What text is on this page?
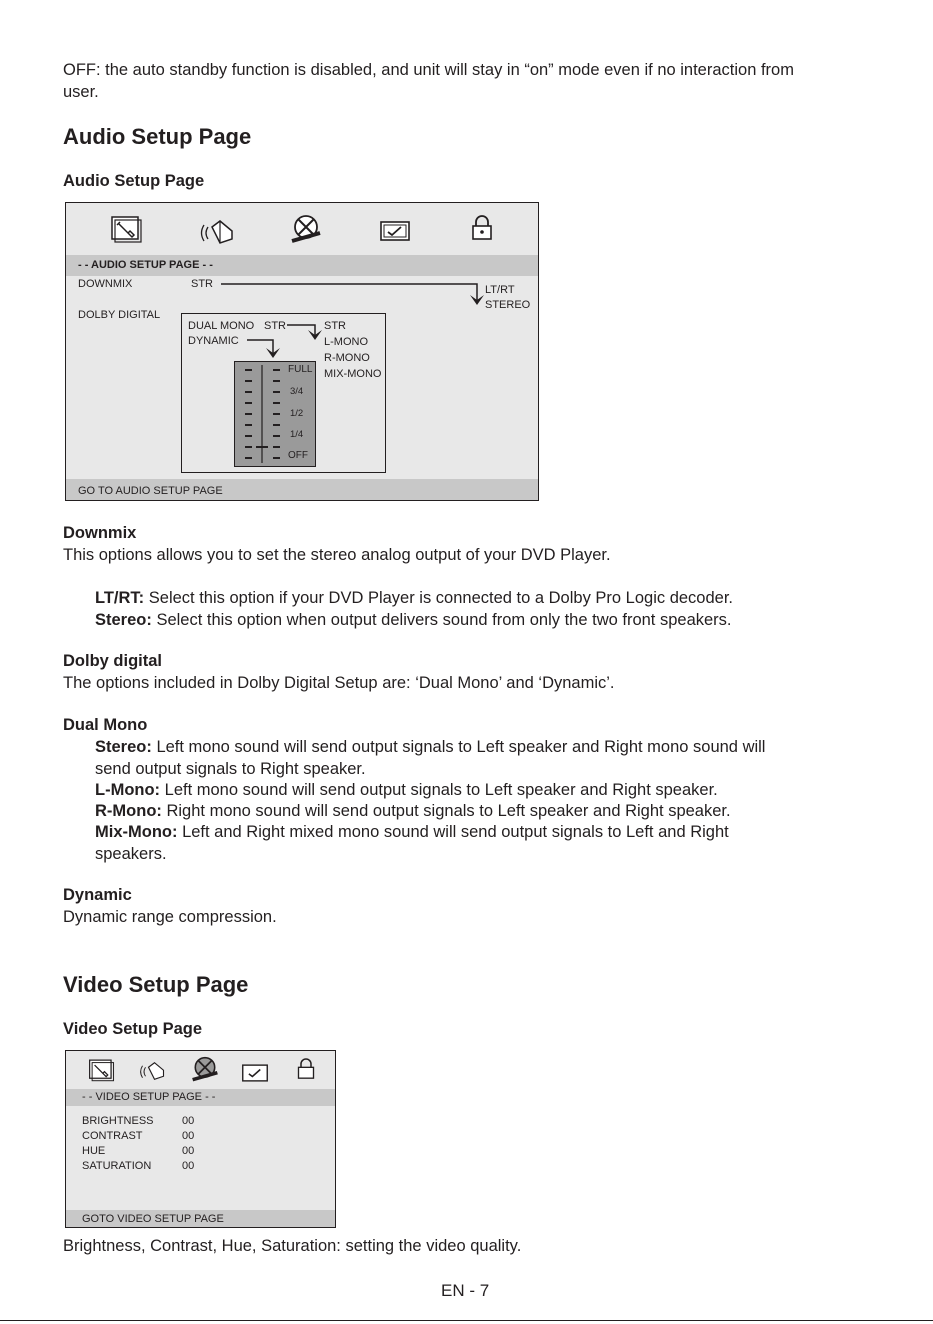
OFF: the auto standby function is disabled, and unit will stay in “on” mode even if no interaction from
user.
Audio Setup Page
Audio Setup Page
- - AUDIO SETUP PAGE - -
DOWNMIX	STR	LT/RT
STEREO
DOLBY DIGITAL
DUAL MONO STR
DYNAMIC
STR
L-MONO
R-MONO
MIX-MONO
FULL
3/4
1/2
1/4
OFF
GO TO AUDIO SETUP PAGE
Downmix
This options allows you to set the stereo analog output of your DVD Player.
LT/RT: Select this option if your DVD Player is connected to a Dolby Pro Logic decoder.
Stereo: Select this option when output delivers sound from only the two front speakers.
Dolby digital
The options included in Dolby Digital Setup are: ‘Dual Mono’ and ‘Dynamic’.
Dual Mono
Stereo: Left mono sound will send output signals to Left speaker and Right mono sound will
send output signals to Right speaker.
L-Mono: Left mono sound will send output signals to Left speaker and Right speaker.
R-Mono: Right mono sound will send output signals to Left speaker and Right speaker.
Mix-Mono: Left and Right mixed mono sound will send output signals to Left and Right
speakers.
Dynamic
Dynamic range compression.
Video Setup Page
Video Setup Page
- - VIDEO SETUP PAGE - -
BRIGHTNESS	00
CONTRAST	00
HUE	00
SATURATION	00
GOTO VIDEO SETUP PAGE
Brightness, Contrast, Hue, Saturation: setting the video quality.
EN - 7
